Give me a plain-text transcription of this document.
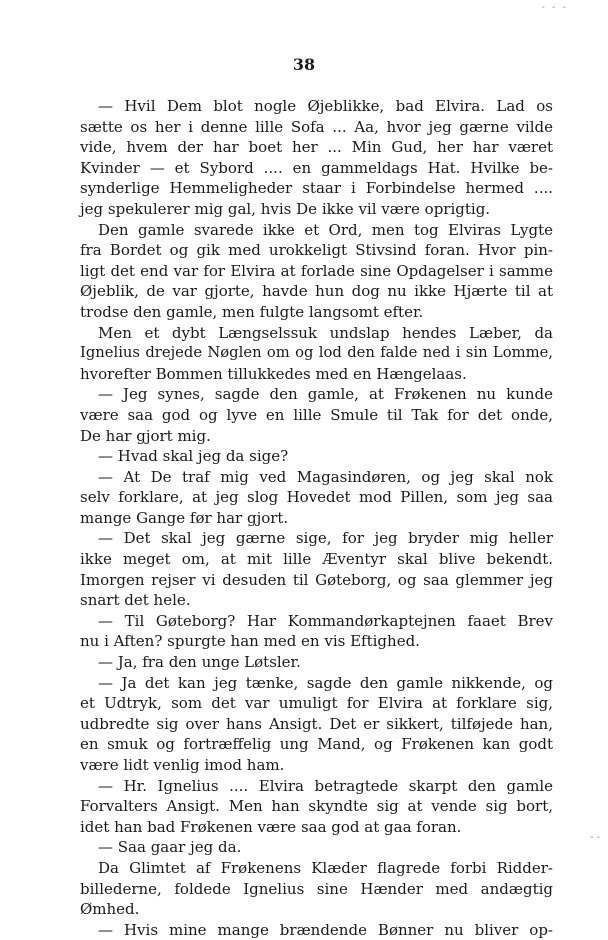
- - -
38
— Hvil Dem blot nogle Øjeblikke, bad Elvira. Lad os
sætte os her i denne lille Sofa ... Aa, hvor jeg gærne vilde
vide, hvem der har boet her ... Min Gud, her har været
Kvinder — et Sybord .... en gammeldags Hat. Hvilke be-
synderlige Hemmeligheder staar i Forbindelse hermed ....
jeg spekulerer mig gal, hvis De ikke vil være oprigtig.
Den gamle svarede ikke et Ord, men tog Elviras Lygte
fra Bordet og gik med urokkeligt Stivsind foran. Hvor pin-
ligt det end var for Elvira at forlade sine Opdagelser i samme
Øjeblik, de var gjorte, havde hun dog nu ikke Hjærte til at
trodse den gamle, men fulgte langsomt efter.
Men et dybt Længselssuk undslap hendes Læber, da
Ignelius drejede Nøglen om og lod den falde ned i sin Lomme,
hvorefter Bommen tillukkedes med en Hængelaas.
— Jeg synes, sagde den gamle, at Frøkenen nu kunde
være saa god og lyve en lille Smule til Tak for det onde,
De har gjort mig.
— Hvad skal jeg da sige?
— At De traf mig ved Magasindøren, og jeg skal nok
selv forklare, at jeg slog Hovedet mod Pillen, som jeg saa
mange Gange før har gjort.
— Det skal jeg gærne sige, for jeg bryder mig heller
ikke meget om, at mit lille Æventyr skal blive bekendt.
Imorgen rejser vi desuden til Gøteborg, og saa glemmer jeg
snart det hele.
— Til Gøteborg? Har Kommandørkaptejnen faaet Brev
nu i Aften? spurgte han med en vis Eftighed.
— Ja, fra den unge Løtsler.
— Ja det kan jeg tænke, sagde den gamle nikkende, og
et Udtryk, som det var umuligt for Elvira at forklare sig,
udbredte sig over hans Ansigt. Det er sikkert, tilføjede han,
en smuk og fortræffelig ung Mand, og Frøkenen kan godt
være lidt venlig imod ham.
— Hr. Ignelius .... Elvira betragtede skarpt den gamle
Forvalters Ansigt. Men han skyndte sig at vende sig bort,
idet han bad Frøkenen være saa god at gaa foran.
— Saa gaar jeg da.
Da Glimtet af Frøkenens Klæder flagrede forbi Ridder-
billederne, foldede Ignelius sine Hænder med andægtig
Ømhed.
— Hvis mine mange brændende Bønner nu bliver op-
- -
